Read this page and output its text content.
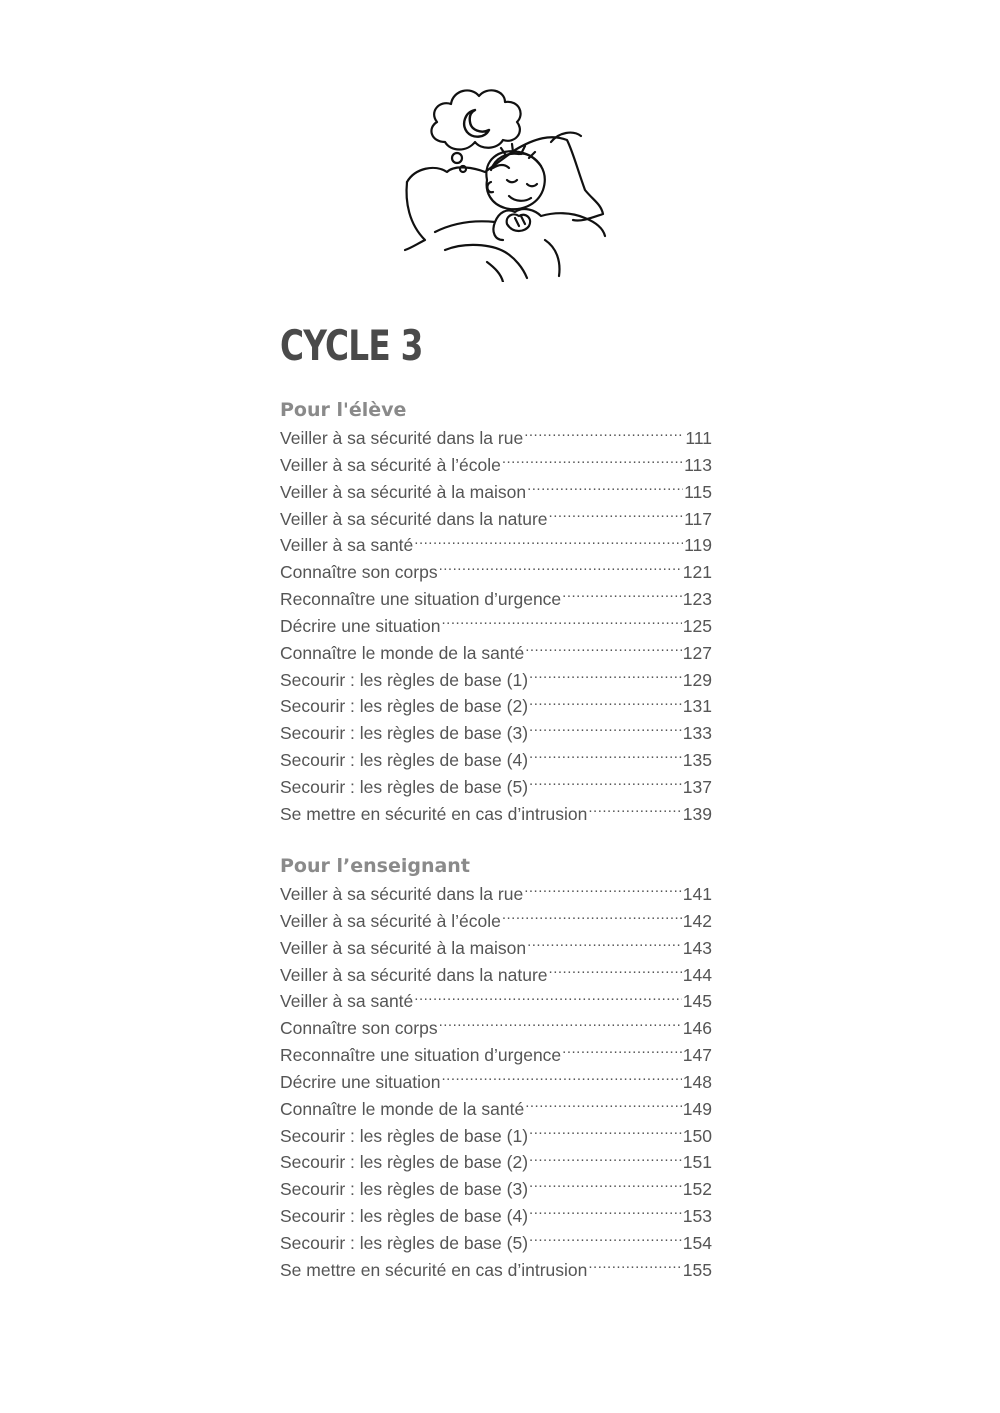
CYCLE 3
Pour l'élève
Veiller à sa sécurité dans la rue .....	111
Veiller à sa sécurité à l’école .....	113
Veiller à sa sécurité à la maison .....	115
Veiller à sa sécurité dans la nature .....	117
Veiller à sa santé .....	119
Connaître son corps .....	121
Reconnaître une situation d’urgence .....	123
Décrire une situation .....	125
Connaître le monde de la santé .....	127
Secourir : les règles de base (1) .....	129
Secourir : les règles de base (2) .....	131
Secourir : les règles de base (3) .....	133
Secourir : les règles de base (4) .....	135
Secourir : les règles de base (5) .....	137
Se mettre en sécurité en cas d’intrusion .....	139
Pour l’enseignant
Veiller à sa sécurité dans la rue .....	141
Veiller à sa sécurité à l’école .....	142
Veiller à sa sécurité à la maison .....	143
Veiller à sa sécurité dans la nature .....	144
Veiller à sa santé .....	145
Connaître son corps .....	146
Reconnaître une situation d’urgence .....	147
Décrire une situation .....	148
Connaître le monde de la santé .....	149
Secourir : les règles de base (1) .....	150
Secourir : les règles de base (2) .....	151
Secourir : les règles de base (3) .....	152
Secourir : les règles de base (4) .....	153
Secourir : les règles de base (5) .....	154
Se mettre en sécurité en cas d’intrusion .....	155
